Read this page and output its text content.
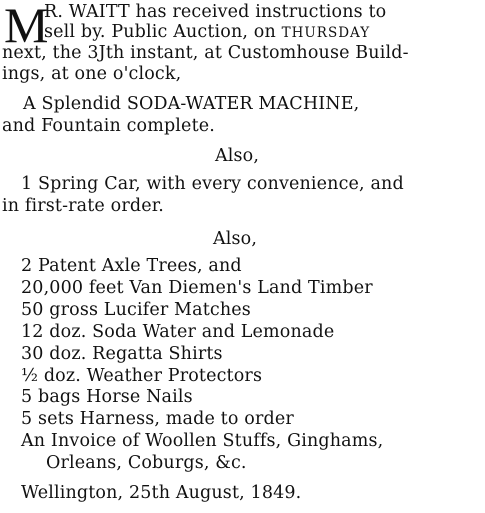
M
R. WAITT has received instructions to
sell by. Public Auction, on THURSDAY
next, the 3Jth instant, at Customhouse Build-
ings, at one o'clock,
A Splendid SODA-WATER MACHINE,
and Fountain complete.
Also,
1 Spring Car, with every convenience, and
in first-rate order.
Also,
2 Patent Axle Trees, and
20,000 feet Van Diemen's Land Timber
50 gross Lucifer Matches
12 doz. Soda Water and Lemonade
30 doz. Regatta Shirts
½ doz. Weather Protectors
5 bags Horse Nails
5 sets Harness, made to order
An Invoice of Woollen Stuffs, Ginghams,
Orleans, Coburgs, &c.
Wellington, 25th August, 1849.
